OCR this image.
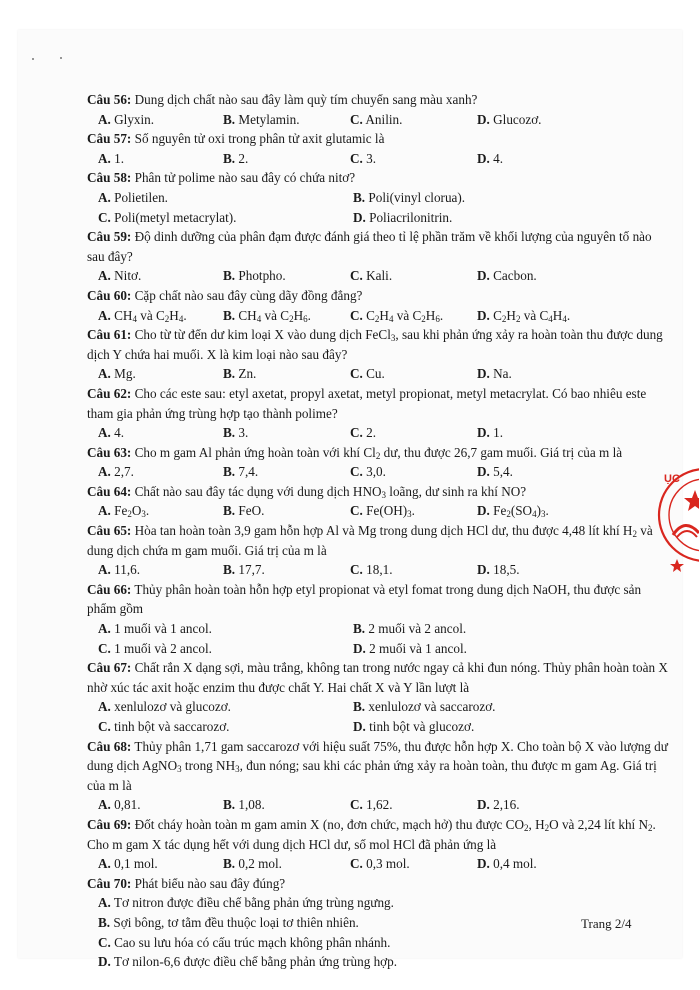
Câu 56: Dung dịch chất nào sau đây làm quỳ tím chuyển sang màu xanh?

A. Glyxin.	B. Metylamin.	C. Anilin.	D. Glucozơ.

Câu 57: Số nguyên tử oxi trong phân tử axit glutamic là

A. 1.	B. 2.	C. 3.	D. 4.

Câu 58: Phân tử polime nào sau đây có chứa nitơ?

A. Polietilen.	B. Poli(vinyl clorua).
C. Poli(metyl metacrylat).	D. Poliacrilonitrin.

Câu 59: Độ dinh dưỡng của phân đạm được đánh giá theo tỉ lệ phần trăm về khối lượng của nguyên tố nào sau đây?

A. Nitơ.	B. Photpho.	C. Kali.	D. Cacbon.

Câu 60: Cặp chất nào sau đây cùng dãy đồng đẳng?

A. $CH_4$ và $C_2H_4$.	B. $CH_4$ và $C_2H_6$.	C. $C_2H_4$ và $C_2H_6$.	D. $C_2H_2$ và $C_4H_4$.

Câu 61: Cho từ từ đến dư kim loại X vào dung dịch FeCl$_3$, sau khi phản ứng xảy ra hoàn toàn thu được dung dịch Y chứa hai muối. X là kim loại nào sau đây?

A. Mg.	B. Zn.	C. Cu.	D. Na.

Câu 62: Cho các este sau: etyl axetat, propyl axetat, metyl propionat, metyl metacrylat. Có bao nhiêu este tham gia phản ứng trùng hợp tạo thành polime?

A. 4.	B. 3.	C. 2.	D. 1.

Câu 63: Cho m gam Al phản ứng hoàn toàn với khí $Cl_2$ dư, thu được 26,7 gam muối. Giá trị của m là

A. 2,7.	B. 7,4.	C. 3,0.	D. 5,4.

Câu 64: Chất nào sau đây tác dụng với dung dịch $HNO_3$ loãng, dư sinh ra khí NO?

A. $Fe_2O_3$.	B. FeO.	C. $Fe(OH)_3$.	D. $Fe_2(SO_4)_3$.

Câu 65: Hòa tan hoàn toàn 3,9 gam hỗn hợp Al và Mg trong dung dịch HCl dư, thu được 4,48 lít khí $H_2$ và dung dịch chứa m gam muối. Giá trị của m là

A. 11,6.	B. 17,7.	C. 18,1.	D. 18,5.

Câu 66: Thủy phân hoàn toàn hỗn hợp etyl propionat và etyl fomat trong dung dịch NaOH, thu được sản phẩm gồm

A. 1 muối và 1 ancol.	B. 2 muối và 2 ancol.
C. 1 muối và 2 ancol.	D. 2 muối và 1 ancol.

Câu 67: Chất rắn X dạng sợi, màu trắng, không tan trong nước ngay cả khi đun nóng. Thủy phân hoàn toàn X nhờ xúc tác axit hoặc enzim thu được chất Y. Hai chất X và Y lần lượt là

A. xenlulozơ và glucozơ.	B. xenlulozơ và saccarozơ.
C. tinh bột và saccarozơ.	D. tinh bột và glucozơ.

Câu 68: Thủy phân 1,71 gam saccarozơ với hiệu suất 75%, thu được hỗn hợp X. Cho toàn bộ X vào lượng dư dung dịch AgNO$_3$ trong $NH_3$, đun nóng; sau khi các phản ứng xảy ra hoàn toàn, thu được m gam Ag. Giá trị của m là

A. 0,81.	B. 1,08.	C. 1,62.	D. 2,16.

Câu 69: Đốt cháy hoàn toàn m gam amin X (no, đơn chức, mạch hở) thu được $CO_2$, $H_2O$ và 2,24 lít khí $N_2$. Cho m gam X tác dụng hết với dung dịch HCl dư, số mol HCl đã phản ứng là

A. 0,1 mol.	B. 0,2 mol.	C. 0,3 mol.	D. 0,4 mol.

Câu 70: Phát biểu nào sau đây đúng?

A. Tơ nitron được điều chế bằng phản ứng trùng ngưng.
B. Sợi bông, tơ tằm đều thuộc loại tơ thiên nhiên.
C. Cao su lưu hóa có cấu trúc mạch không phân nhánh.
D. Tơ nilon-6,6 được điều chế bằng phản ứng trùng hợp.
ỤC
Trang 2/4
